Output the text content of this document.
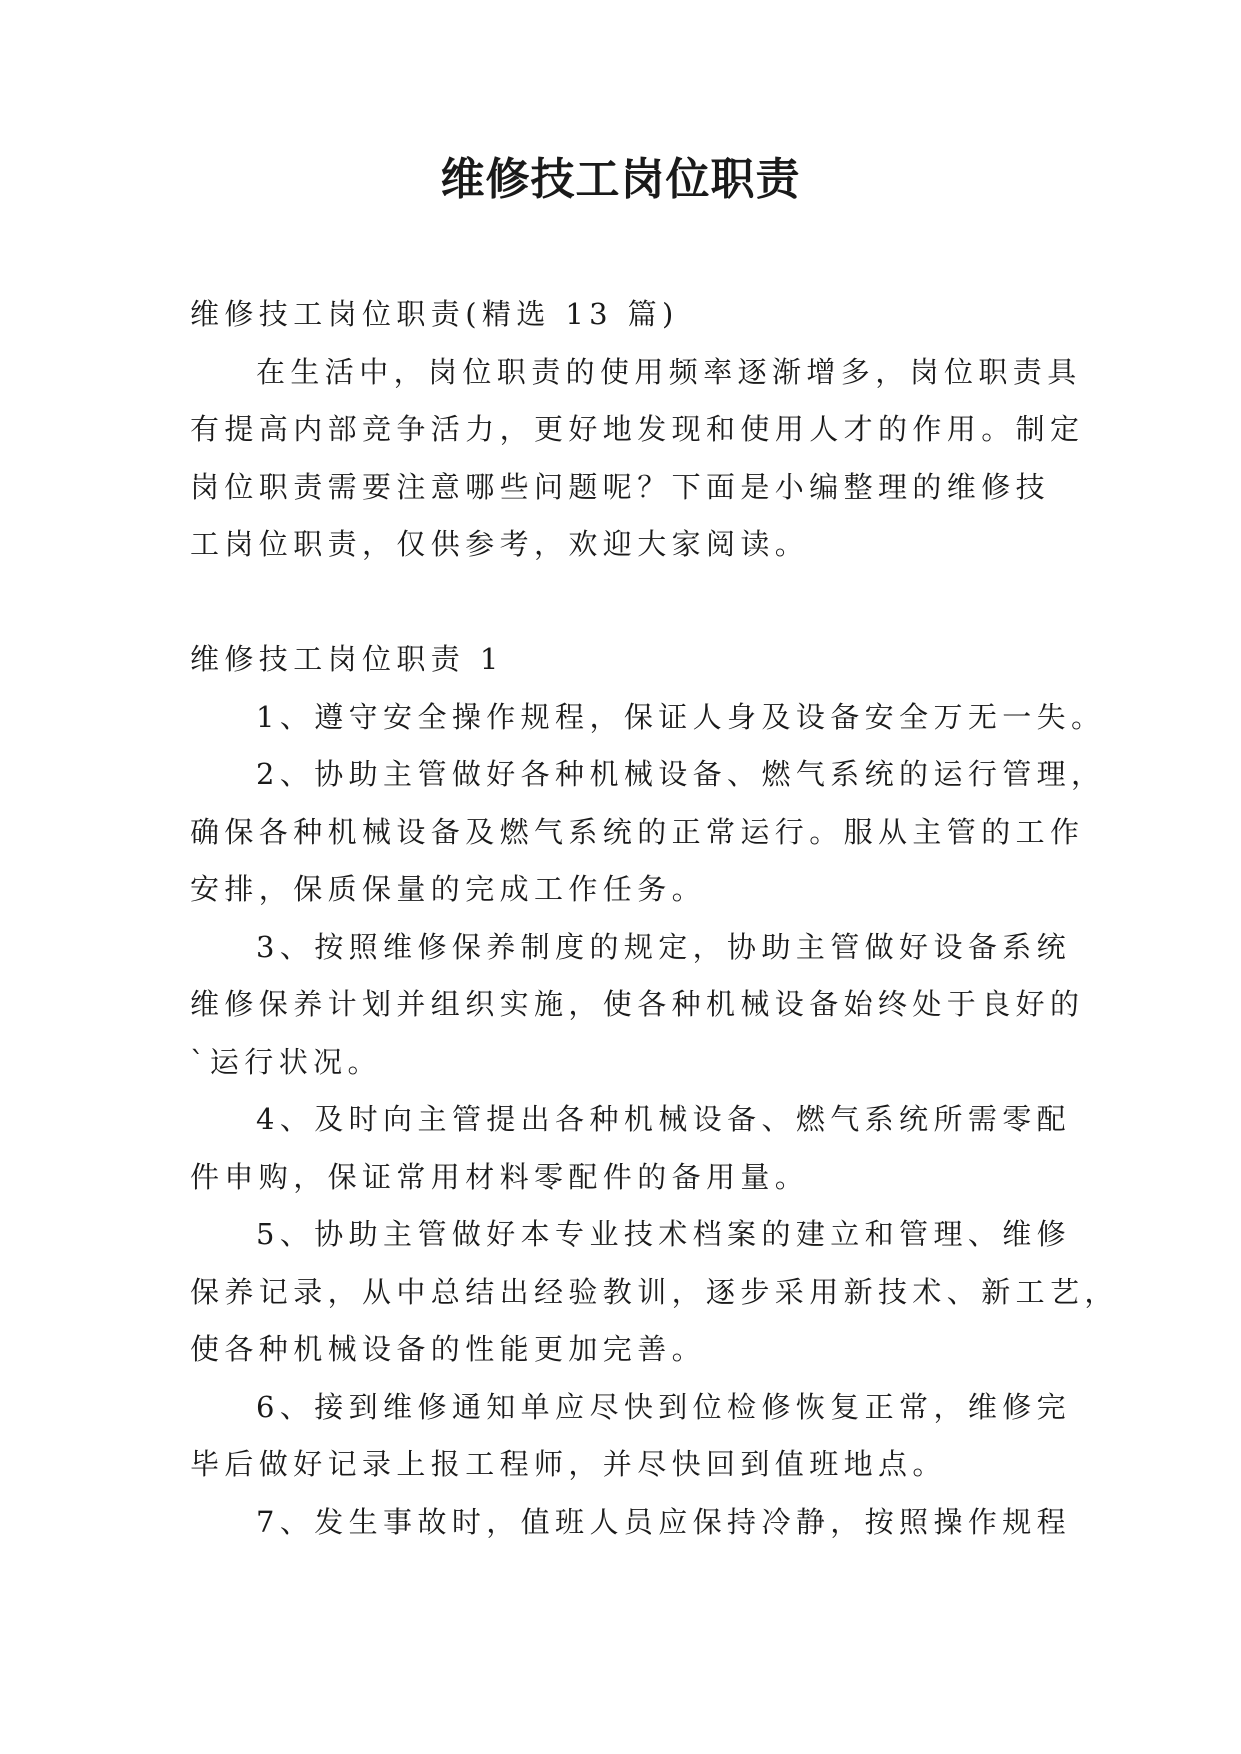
维修技工岗位职责

维修技工岗位职责(精选 13 篇)

在生活中，岗位职责的使用频率逐渐增多，岗位职责具

有提高内部竞争活力，更好地发现和使用人才的作用。制定

岗位职责需要注意哪些问题呢？下面是小编整理的维修技

工岗位职责，仅供参考，欢迎大家阅读。

维修技工岗位职责 1

1、遵守安全操作规程，保证人身及设备安全万无一失。

2、协助主管做好各种机械设备、燃气系统的运行管理，

确保各种机械设备及燃气系统的正常运行。服从主管的工作

安排，保质保量的完成工作任务。

3、按照维修保养制度的规定，协助主管做好设备系统

维修保养计划并组织实施，使各种机械设备始终处于良好的

`运行状况。

4、及时向主管提出各种机械设备、燃气系统所需零配

件申购，保证常用材料零配件的备用量。

5、协助主管做好本专业技术档案的建立和管理、维修

保养记录，从中总结出经验教训，逐步采用新技术、新工艺，

使各种机械设备的性能更加完善。

6、接到维修通知单应尽快到位检修恢复正常，维修完

毕后做好记录上报工程师，并尽快回到值班地点。

7、发生事故时，值班人员应保持冷静，按照操作规程
